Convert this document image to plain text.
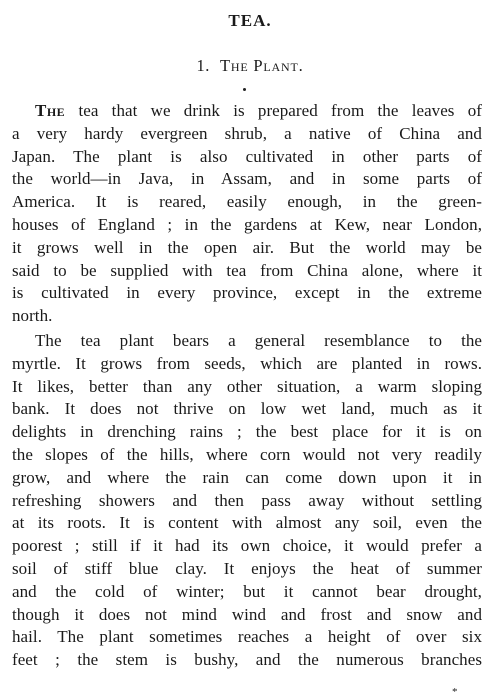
TEA.
1. The Plant.
The tea that we drink is prepared from the leaves of
a very hardy evergreen shrub, a native of China and
Japan. The plant is also cultivated in other parts of
the world—in Java, in Assam, and in some parts of
America. It is reared, easily enough, in the green-
houses of England ; in the gardens at Kew, near London,
it grows well in the open air. But the world may be
said to be supplied with tea from China alone, where it
is cultivated in every province, except in the extreme
north.
The tea plant bears a general resemblance to the
myrtle. It grows from seeds, which are planted in rows.
It likes, better than any other situation, a warm sloping
bank. It does not thrive on low wet land, much as it
delights in drenching rains ; the best place for it is on
the slopes of the hills, where corn would not very readily
grow, and where the rain can come down upon it in
refreshing showers and then pass away without settling
at its roots. It is content with almost any soil, even the
poorest ; still if it had its own choice, it would prefer a
soil of stiff blue clay. It enjoys the heat of summer
and the cold of winter; but it cannot bear drought,
though it does not mind wind and frost and snow and
hail. The plant sometimes reaches a height of over six
feet ; the stem is bushy, and the numerous branches
*
